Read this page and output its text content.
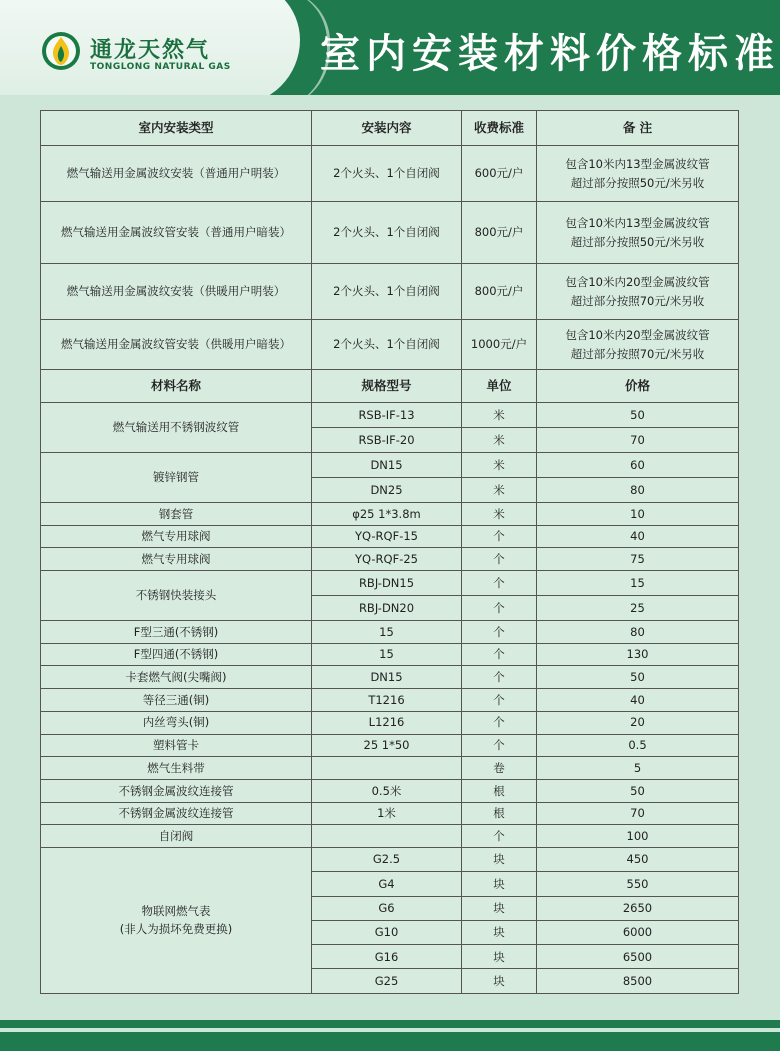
通龙天然气
TONGLONG NATURAL GAS 室内安装材料价格标准
室内安装类型	安装内容	收费标准	备 注
燃气输送用金属波纹安装（普通用户明装）	2个火头、1个自闭阀	600元/户	包含10米内13型金属波纹管
超过部分按照50元/米另收

燃气输送用金属波纹管安装（普通用户暗装）	2个火头、1个自闭阀	800元/户	包含10米内13型金属波纹管
超过部分按照50元/米另收

燃气输送用金属波纹安装（供暖用户明装）	2个火头、1个自闭阀	800元/户	包含10米内20型金属波纹管
超过部分按照70元/米另收

燃气输送用金属波纹管安装（供暖用户暗装）	2个火头、1个自闭阀	1000元/户	包含10米内20型金属波纹管
超过部分按照70元/米另收

材料名称	规格型号	单位	价格

燃气输送用不锈钢波纹管	RSB-IF-13	米	50
	RSB-IF-20	米	70

镀锌钢管	DN15	米	60
	DN25	米	80

钢套管	φ25 1*3.8m	米	10

燃气专用球阀	YQ-RQF-15	个	40

燃气专用球阀	YQ-RQF-25	个	75

不锈钢快装接头	RBJ-DN15	个	15
	RBJ-DN20	个	25

F型三通(不锈钢)	15	个	80

F型四通(不锈钢)	15	个	130

卡套燃气阀(尖嘴阀)	DN15	个	50

等径三通(铜)	T1216	个	40

内丝弯头(铜)	L1216	个	20

塑料管卡	25 1*50	个	0.5

燃气生料带		卷	5

不锈钢金属波纹连接管	0.5米	根	50

不锈钢金属波纹连接管	1米	根	70

自闭阀		个	100

物联网燃气表
(非人为损坏免费更换)	G2.5	块	450
	G4	块	550
	G6	块	2650
	G10	块	6000
	G16	块	6500
	G25	块	8500
